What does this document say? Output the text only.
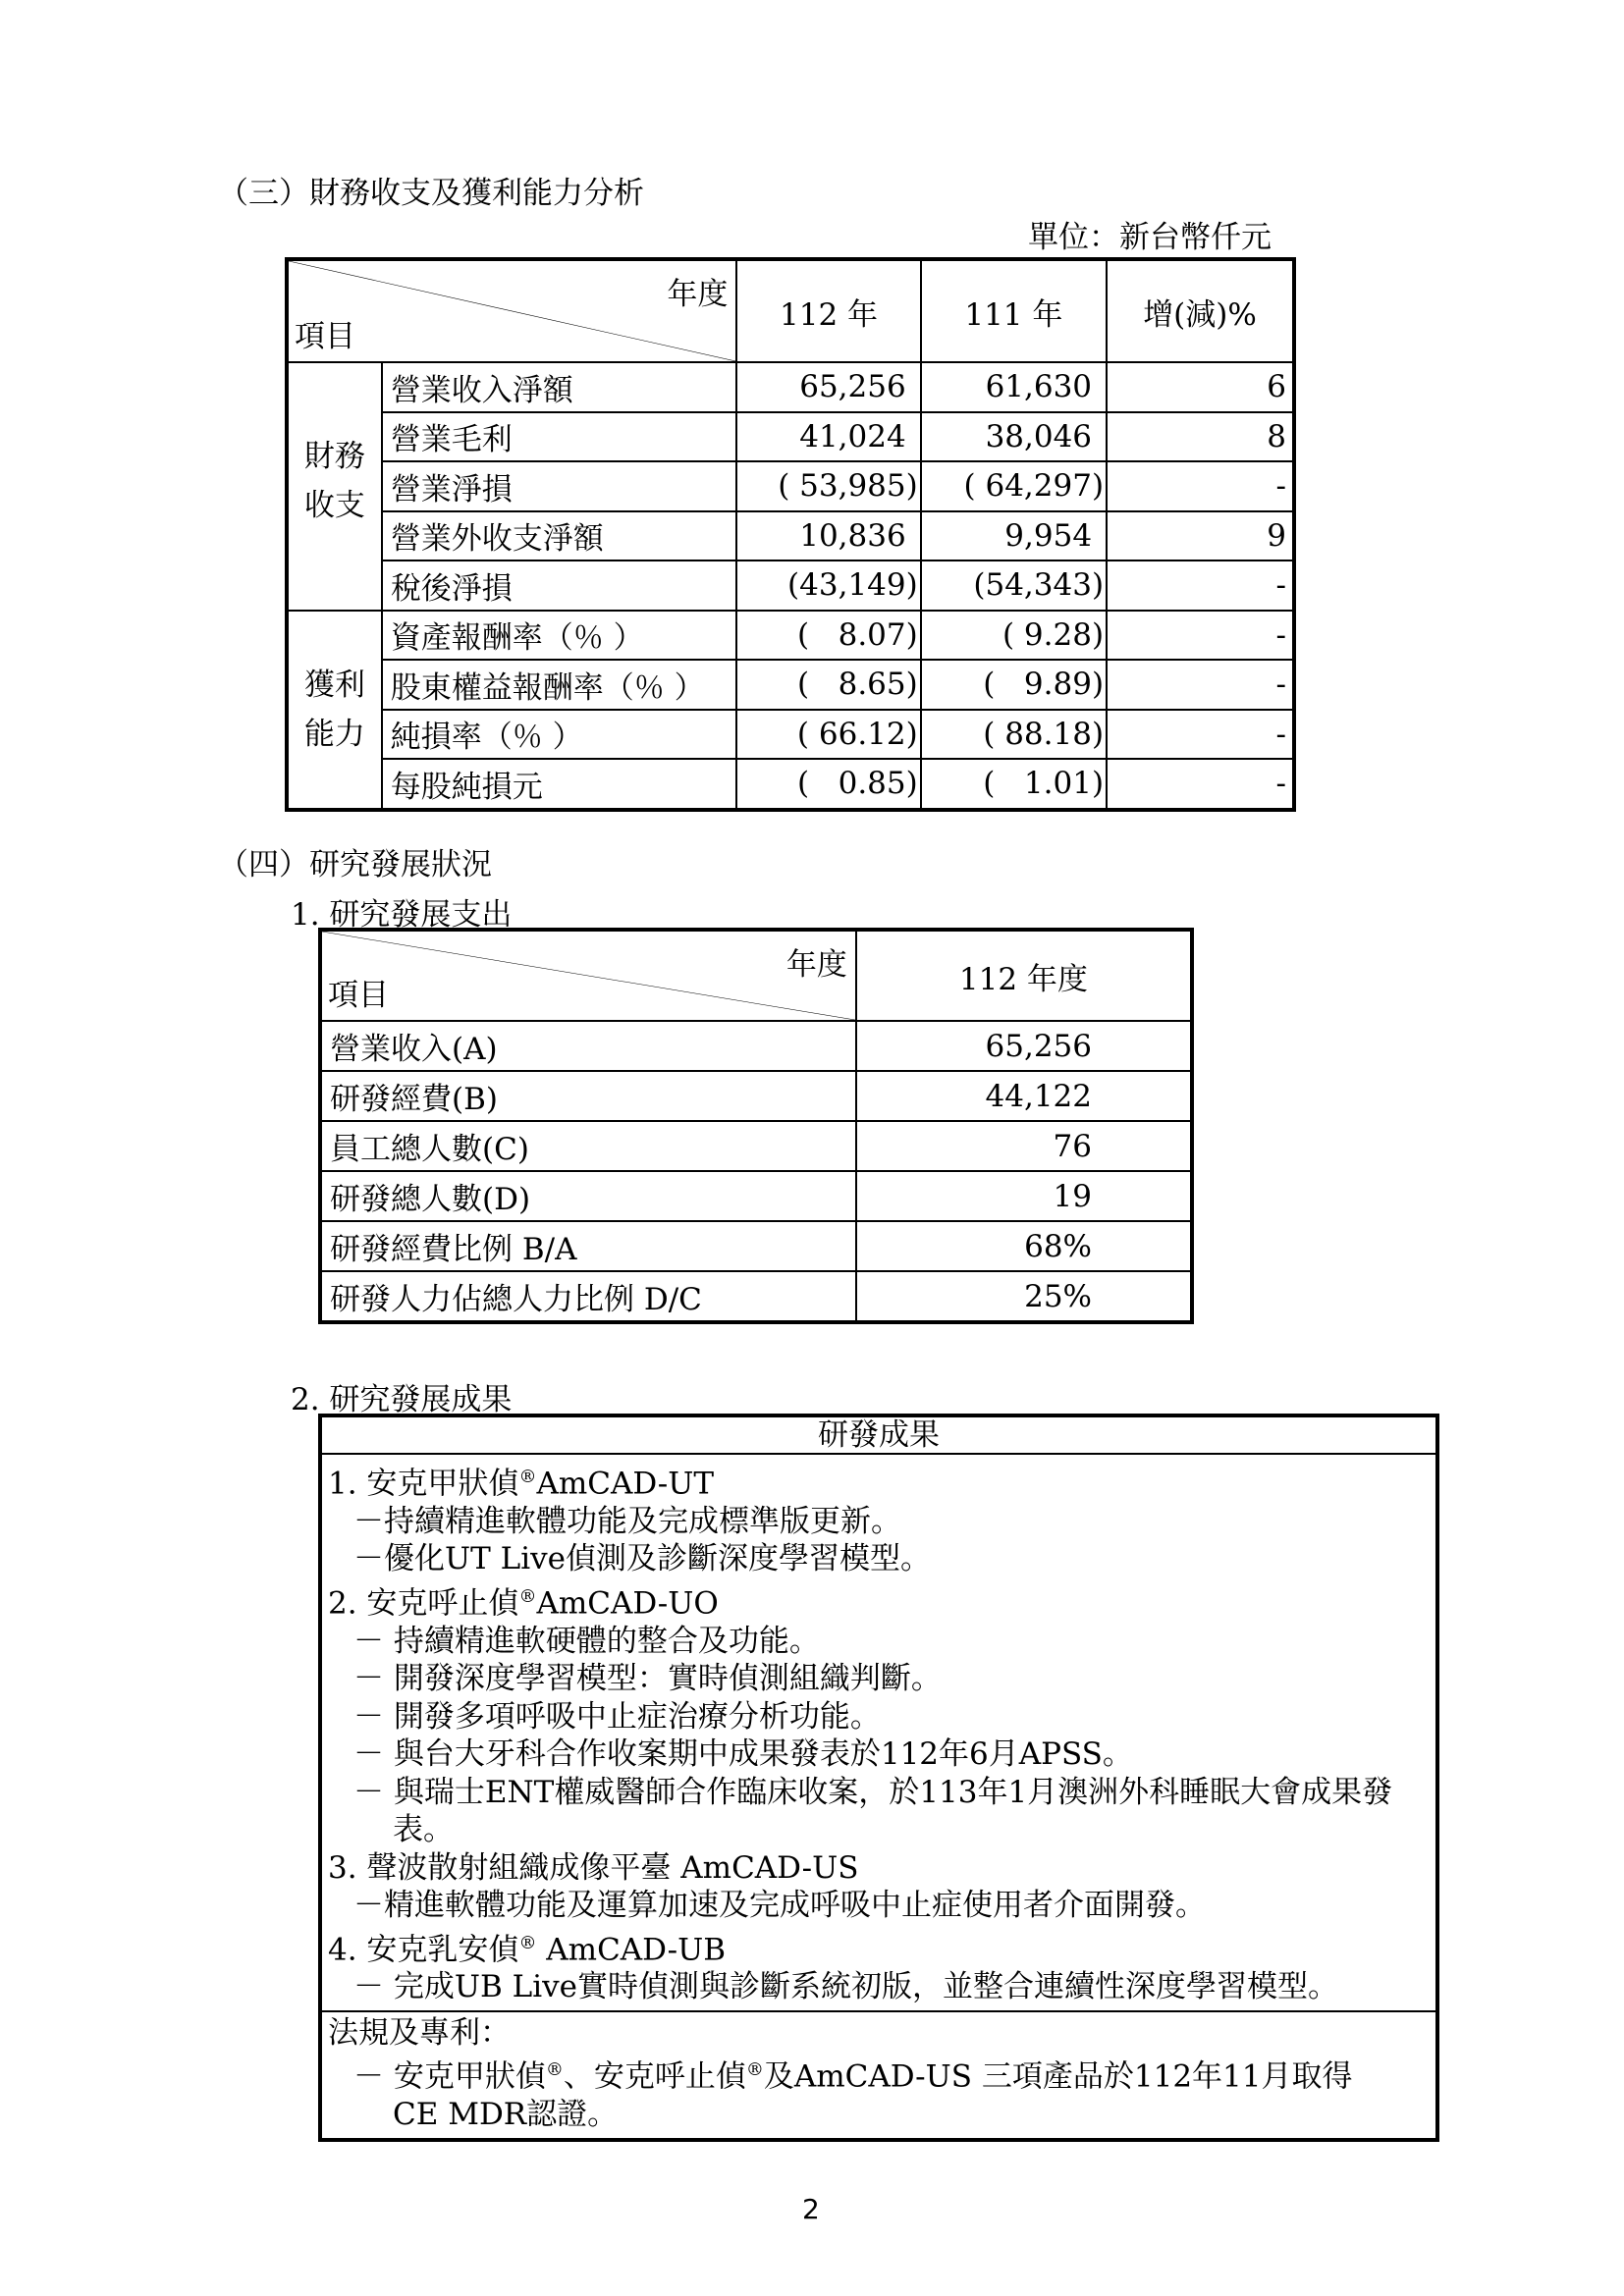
（三）財務收支及獲利能力分析
單位：新台幣仟元
年度
項目		112 年	111 年	增(減)%

財務
收支	營業收入淨額	65,256	61,630	6
	營業毛利	41,024	38,046	8
	營業淨損	( 53,985)	( 64,297)	-
	營業外收支淨額	10,836	9,954	9
	稅後淨損	(43,149)	(54,343)	-

獲利
能力	資產報酬率（％ ）	(   8.07)	( 9.28)	-
	股東權益報酬率（％ ）	(   8.65)	(   9.89)	-
	純損率（％ ）	( 66.12)	( 88.18)	-
	每股純損元	(   0.85)	(   1.01)	-
（四）研究發展狀況
1. 研究發展支出
年度
項目	112 年度
營業收入(A)	65,256
研發經費(B)	44,122
員工總人數(C)	76
研發總人數(D)	19
研發經費比例 B/A	68%
研發人力佔總人力比例 D/C	25%
2. 研究發展成果
研發成果

1. 安克甲狀偵®AmCAD-UT
－持續精進軟體功能及完成標準版更新。
－優化UT Live偵測及診斷深度學習模型。
2. 安克呼止偵®AmCAD-UO
－ 持續精進軟硬體的整合及功能。
－ 開發深度學習模型：實時偵測組織判斷。
－ 開發多項呼吸中止症治療分析功能。
－ 與台大牙科合作收案期中成果發表於112年6月APSS。
－ 與瑞士ENT權威醫師合作臨床收案，於113年1月澳洲外科睡眠大會成果發
表。
3. 聲波散射組織成像平臺 AmCAD-US
－精進軟體功能及運算加速及完成呼吸中止症使用者介面開發。
4. 安克乳安偵® AmCAD-UB
－ 完成UB Live實時偵測與診斷系統初版，並整合連續性深度學習模型。

法規及專利：
－ 安克甲狀偵®、安克呼止偵®及AmCAD-US 三項產品於112年11月取得
CE MDR認證。
2
